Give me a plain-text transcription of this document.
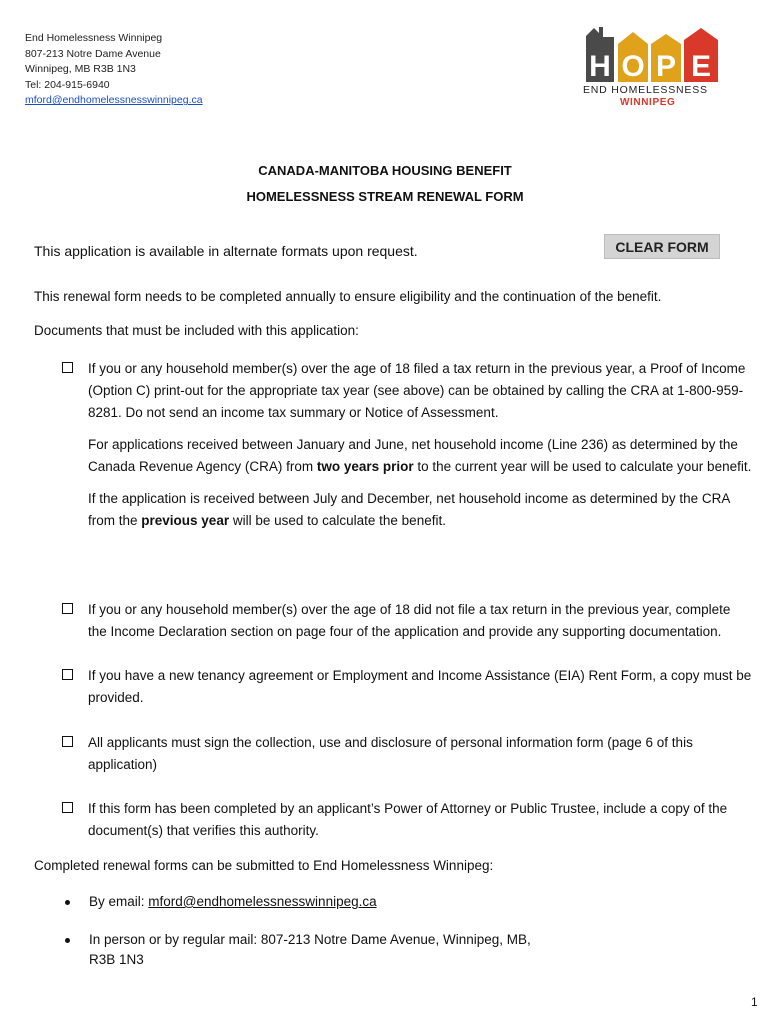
End Homelessness Winnipeg
807-213 Notre Dame Avenue
Winnipeg, MB R3B 1N3
Tel: 204-915-6940
mford@endhomelessnesswinnipeg.ca
H O P E
END HOMELESSNESS
WINNIPEG
CANADA-MANITOBA HOUSING BENEFIT
HOMELESSNESS STREAM RENEWAL FORM
This application is available in alternate formats upon request.	CLEAR FORM
This renewal form needs to be completed annually to ensure eligibility and the continuation of the benefit.
Documents that must be included with this application:
If you or any household member(s) over the age of 18 filed a tax return in the previous year, a Proof of Income (Option C) print-out for the appropriate tax year (see above) can be obtained by calling the CRA at 1-800-959-8281. Do not send an income tax summary or Notice of Assessment.
For applications received between January and June, net household income (Line 236) as determined by the Canada Revenue Agency (CRA) from two years prior to the current year will be used to calculate your benefit.
If the application is received between July and December, net household income as determined by the CRA from the previous year will be used to calculate the benefit.
If you or any household member(s) over the age of 18 did not file a tax return in the previous year, complete the Income Declaration section on page four of the application and provide any supporting documentation.
If you have a new tenancy agreement or Employment and Income Assistance (EIA) Rent Form, a copy must be provided.
All applicants must sign the collection, use and disclosure of personal information form (page 6 of this application)
If this form has been completed by an applicant’s Power of Attorney or Public Trustee, include a copy of the document(s) that verifies this authority.
Completed renewal forms can be submitted to End Homelessness Winnipeg:
By email: mford@endhomelessnesswinnipeg.ca
In person or by regular mail: 807-213 Notre Dame Avenue, Winnipeg, MB,
R3B 1N3
1
